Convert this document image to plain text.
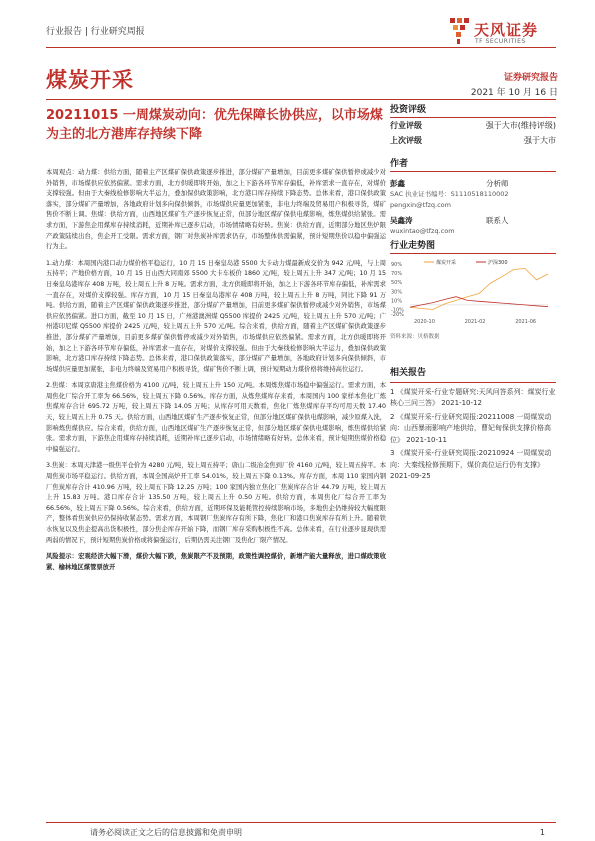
行业报告 | 行业研究周报	天风证券
TF SECURITIES
煤炭开采	证券研究报告
2021 年 10 月 16 日
20211015 一周煤炭动向：优先保障长协供应，以市场煤为主的北方港库存持续下降
投资评级
行业评级	强于大市(维持评级)
上次评级	强于大市
作者
彭鑫	分析师
SAC 执业证书编号：S1110518110002
pengxin@tfzq.com
吴鑫涛	联系人
wuxintao@tfzq.com
行业走势图
90%
70%
50%
30%
10%
-10%
-20%
2020-10	2021-02	2021-06
煤炭开采	沪深300
资料来源：贝格数据
相关报告
1 《煤炭开采-行业专题研究:天风问答系列：煤炭行业核心三问三答》 2021-10-12
2 《煤炭开采-行业研究周报:20211008 一周煤炭动向：山西暴雨影响产地供给，曹妃甸保供支撑价格高位》 2021-10-11
3 《煤炭开采-行业研究周报:20210924 一周煤炭动向：大秦线检修预期下，煤价高位运行仍有支撑》 2021-09-25

本周观点：动力煤：供给方面，随着主产区煤矿保供政策逐步推进，部分煤矿产量增加，目前更多煤矿保供暂停或减少对外销售，市场煤供应依然偏紧。需求方面，北方供暖即将开始，加之上下游各环节库存偏低，补库需求一直存在，对煤价支撑较强。但由于大秦线检修影响大半运力，叠加保供政策影响，北方港口库存持续下降态势。总体来看，港口保供政策落实，部分煤矿产量增加，各地政府计划多向保供倾斜，市场煤供应量更加紧张，非电力终端及贸易用户积极寻货，煤矿售价不断上调。焦煤：供给方面，山西地区煤矿生产逐步恢复正常，但部分地区煤矿保供电煤影响，炼焦煤供给紧张。需求方面，下游焦企用煤库存持续消耗，近期补库已逐步启动，市场情绪略有好转。焦炭：供给方面，近期部分地区焦炉限产政策陆续出台，焦企开工受限。需求方面，钢厂对焦炭补库需求仍存，市场整体供需偏紧，预计短期焦价以稳中偏强运行为主。

1.动力煤：本周国内港口动力煤价格平稳运行，10 月 15 日秦皇岛港 5500 大卡动力煤最新成交价为 942 元/吨，与上周五持平；产地价格方面，10 月 15 日山西大同南郊 5500 大卡车板价 1860 元/吨，较上周五上升 347 元/吨；10 月 15 日秦皇岛港库存 408 万吨，较上周五上升 8 万吨。需求方面，北方供暖即将开始，加之上下游各环节库存偏低，补库需求一直存在，对煤价支撑较强。库存方面，10 月 15 日秦皇岛港库存 408 万吨，较上周五上升 8 万吨，同比下降 91 万吨。供给方面，随着主产区煤矿保供政策逐步推进，部分煤矿产量增加，目前更多煤矿保供暂停或减少对外销售，市场煤供应依然偏紧。进口方面，截至 10 月 15 日，广州港澳洲煤 Q5500 库提价 2425 元/吨，较上周五上升 570 元/吨；广州港印尼煤 Q5500 库提价 2425 元/吨，较上周五上升 570 元/吨。综合来看，供给方面，随着主产区煤矿保供政策逐步推进，部分煤矿产量增加，目前更多煤矿保供暂停或减少对外销售，市场煤供应依然偏紧。需求方面，北方供暖即将开始，加之上下游各环节库存偏低，补库需求一直存在，对煤价支撑较强。但由于大秦线检修影响大半运力，叠加保供政策影响，北方港口库存持续下降态势。总体来看，港口保供政策落实，部分煤矿产量增加，各地政府计划多向保供倾斜，市场煤供应量更加紧张，非电力终端及贸易用户积极寻货，煤矿售价不断上调，预计短期动力煤价格将维持高位运行。

2.焦煤：本周京唐港主焦煤价格为 4100 元/吨，较上周五上升 150 元/吨。本周炼焦煤市场稳中偏强运行。需求方面，本周焦化厂综合开工率为 66.56%，较上周五下降 0.56%。库存方面，从炼焦煤库存来看，本周国内 100 家样本焦化厂炼焦煤库存合计 695.72 万吨，较上周五下降 14.05 万吨；从库存可用天数看，焦化厂炼焦煤库存平均可用天数 17.40 天，较上周五上升 0.75 天。供给方面，山西地区煤矿生产逐步恢复正常，但部分地区煤矿保供电煤影响，减少原煤入洗，影响炼焦煤供应。综合来看，供给方面，山西地区煤矿生产逐步恢复正常，但部分地区煤矿保供电煤影响，炼焦煤供给紧张。需求方面，下游焦企用煤库存持续消耗，近期补库已逐步启动，市场情绪略有好转。总体来看，预计短期焦煤价格稳中偏强运行。

3.焦炭：本周天津港一级焦平仓价为 4280 元/吨，较上周五持平；唐山二级冶金焦到厂价 4160 元/吨，较上周五持平。本周焦炭市场平稳运行。供给方面，本周全国高炉开工率 54.01%，较上周五下降 0.13%。库存方面，本周 110 家国内钢厂焦炭库存合计 410.96 万吨，较上周五下降 12.25 万吨；100 家国内独立焦化厂焦炭库存合计 44.79 万吨，较上周五上升 15.83 万吨。港口库存合计 135.50 万吨，较上周五上升 0.50 万吨。供给方面，本周焦化厂综合开工率为 66.56%，较上周五下降 0.56%。综合来看，供给方面，近期环保及能耗管控持续影响市场，多地焦企仍维持较大幅度限产，整体看焦炭供应仍保持收紧态势。需求方面，本周钢厂焦炭库存有所下降，焦化厂和港口焦炭库存有所上升。随着铁水恢复以及焦企提高出货积极性，部分焦企库存开始下降，而钢厂库存采购积极性不高。总体来看，在行业逐步显现供需两弱的情况下，预计短期焦炭价格或将偏强运行，后期仍需关注钢厂及焦化厂限产情况。

风险提示：宏观经济大幅下滑，煤价大幅下跌，焦炭限产不及预期，政策性调控煤价，新增产能大量释放，进口煤政策收紧、榆林地区煤管票放开

请务必阅读正文之后的信息披露和免责申明	1
